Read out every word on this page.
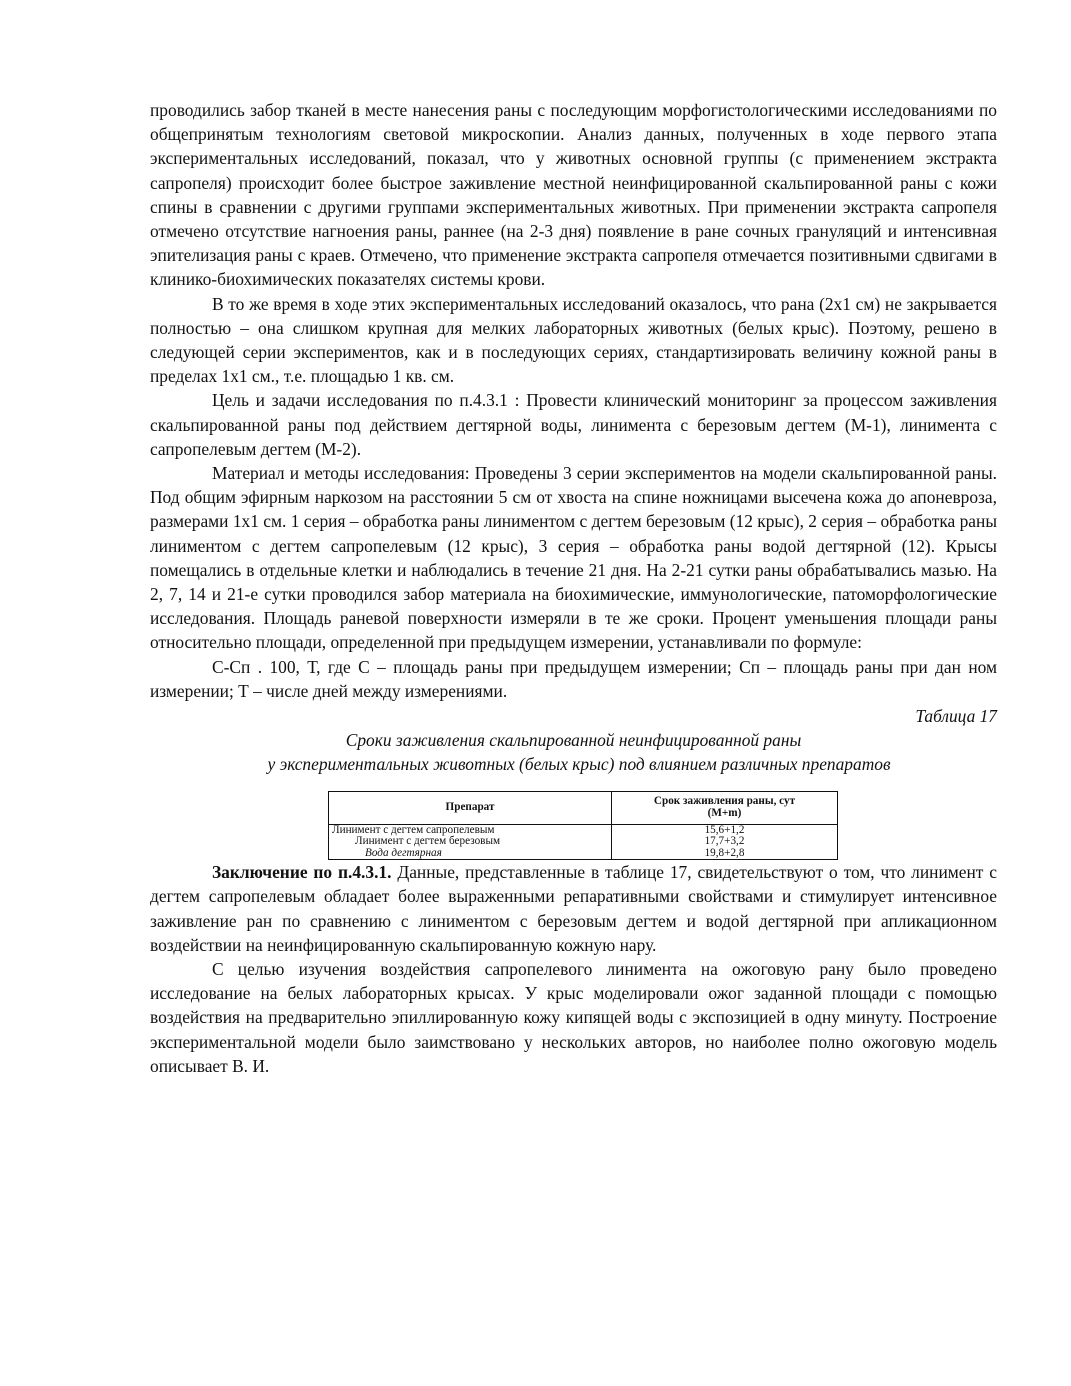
проводились забор тканей в месте нанесения раны с последующим морфогистологическими исследованиями по общепринятым технологиям световой микроскопии. Анализ данных, полученных в ходе первого этапа экспериментальных исследований, показал, что у животных основной группы (с применением экстракта сапропеля) происходит более быстрое заживление местной неинфицированной скальпированной раны с кожи спины в сравнении с другими группами экспериментальных животных. При применении экстракта сапропеля отмечено отсутствие нагноения раны, раннее (на 2-3 дня) появление в ране сочных грануляций и интенсивная эпителизация раны с краев. Отмечено, что применение экстракта сапропеля отмечается позитивными сдвигами в клинико-биохимических показателях системы крови.

В то же время в ходе этих экспериментальных исследований оказалось, что рана (2х1 см) не закрывается полностью – она слишком крупная для мелких лабораторных животных (белых крыс). Поэтому, решено в следующей серии экспериментов, как и в последующих сериях, стандартизировать величину кожной раны в пределах 1х1 см., т.е. площадью 1 кв. см.

Цель и задачи исследования по п.4.3.1 : Провести клинический мониторинг за процессом заживления скальпированной раны под действием дегтярной воды, линимента с березовым дегтем (М-1), линимента с сапропелевым дегтем (М-2).

Материал и методы исследования: Проведены 3 серии экспериментов на модели скальпированной раны. Под общим эфирным наркозом на расстоянии 5 см от хвоста на спине ножницами высечена кожа до апоневроза, размерами 1х1 см. 1 серия – обработка раны линиментом с дегтем березовым (12 крыс), 2 серия – обработка раны линиментом с дегтем сапропелевым (12 крыс), 3 серия – обработка раны водой дегтярной (12). Крысы помещались в отдельные клетки и наблюдались в течение 21 дня. На 2-21 сутки раны обрабатывались мазью. На 2, 7, 14 и 21-е сутки проводился забор материала на биохимические, иммунологические, патоморфологические исследования. Площадь раневой поверхности измеряли в те же сроки. Процент уменьшения площади раны относительно площади, определенной при предыдущем измерении, устанавливали по формуле:

С-Сп . 100, Т, где С – площадь раны при предыдущем измерении; Сп – площадь раны при дан ном измерении; Т – числе дней между измерениями.

Таблица 17
Сроки заживления скальпированной неинфицированной раны
у экспериментальных животных (белых крыс) под влиянием различных препаратов
Препарат	Срок заживления раны, сут
(M+m)

Линимент с дегтем сапропелевым	15,6+1,2
Линимент с дегтем березовым	17,7+3,2
Вода дегтярная	19,8+2,8

Заключение по п.4.3.1. Данные, представленные в таблице 17, свидетельствуют о том, что линимент с дегтем сапропелевым обладает более выраженными репаративными свойствами и стимулирует интенсивное заживление ран по сравнению с линиментом с березовым дегтем и водой дегтярной при апликационном воздействии на неинфицированную скальпированную кожную нару.

С целью изучения воздействия сапропелевого линимента на ожоговую рану было проведено исследование на белых лабораторных крысах. У крыс моделировали ожог заданной площади с помощью воздействия на предварительно эпиллированную кожу кипящей воды с экспозицией в одну минуту. Построение экспериментальной модели было заимствовано у нескольких авторов, но наиболее полно ожоговую модель описывает В. И.
